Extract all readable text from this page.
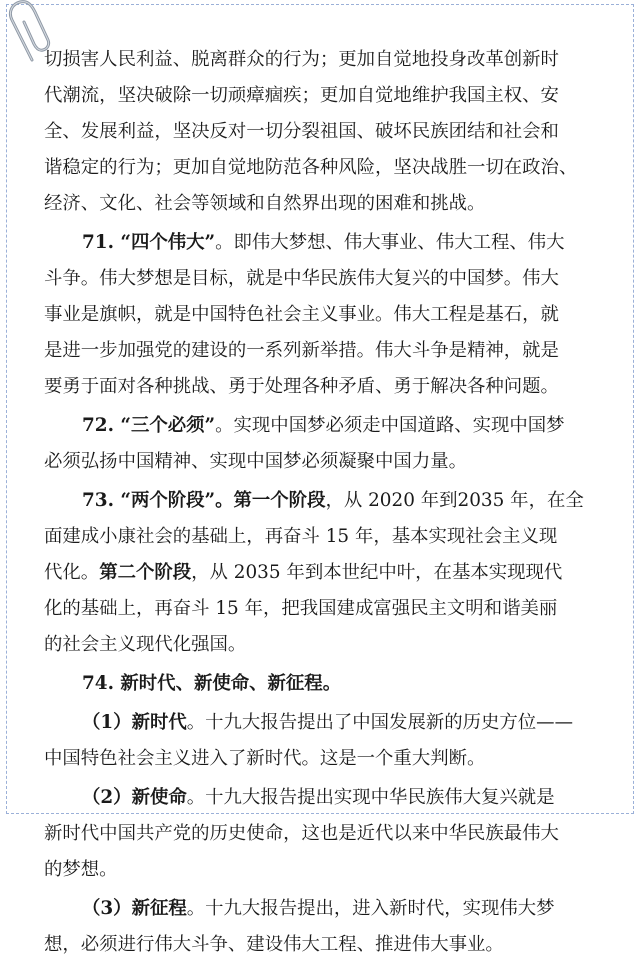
切损害人民利益、脱离群众的行为；更加自觉地投身改革创新时
代潮流，坚决破除一切顽瘴痼疾；更加自觉地维护我国主权、安
全、发展利益，坚决反对一切分裂祖国、破坏民族团结和社会和
谐稳定的行为；更加自觉地防范各种风险，坚决战胜一切在政治、
经济、文化、社会等领域和自然界出现的困难和挑战。
71. “四个伟大”。即伟大梦想、伟大事业、伟大工程、伟大
斗争。伟大梦想是目标，就是中华民族伟大复兴的中国梦。伟大
事业是旗帜，就是中国特色社会主义事业。伟大工程是基石，就
是进一步加强党的建设的一系列新举措。伟大斗争是精神，就是
要勇于面对各种挑战、勇于处理各种矛盾、勇于解决各种问题。
72. “三个必须”。实现中国梦必须走中国道路、实现中国梦
必须弘扬中国精神、实现中国梦必须凝聚中国力量。
73. “两个阶段”。第一个阶段，从 2020 年到2035 年，在全
面建成小康社会的基础上，再奋斗 15 年，基本实现社会主义现
代化。第二个阶段，从 2035 年到本世纪中叶，在基本实现现代
化的基础上，再奋斗 15 年，把我国建成富强民主文明和谐美丽
的社会主义现代化强国。
74. 新时代、新使命、新征程。
（1）新时代。十九大报告提出了中国发展新的历史方位——
中国特色社会主义进入了新时代。这是一个重大判断。
（2）新使命。十九大报告提出实现中华民族伟大复兴就是
新时代中国共产党的历史使命，这也是近代以来中华民族最伟大
的梦想。
（3）新征程。十九大报告提出，进入新时代，实现伟大梦
想，必须进行伟大斗争、建设伟大工程、推进伟大事业。
